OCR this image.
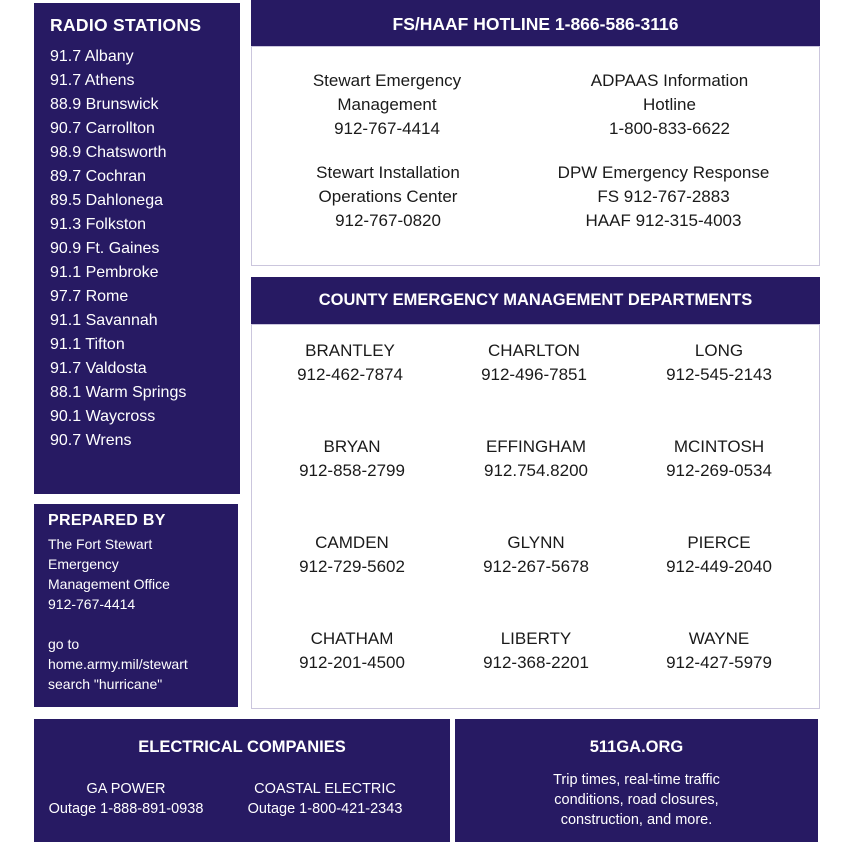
RADIO STATIONS
91.7 Albany
91.7 Athens
88.9 Brunswick
90.7 Carrollton
98.9 Chatsworth
89.7 Cochran
89.5 Dahlonega
91.3 Folkston
90.9 Ft. Gaines
91.1 Pembroke
97.7 Rome
91.1 Savannah
91.1 Tifton
91.7 Valdosta
88.1 Warm Springs
90.1 Waycross
90.7 Wrens
PREPARED BY
The Fort Stewart
Emergency
Management Office
912-767-4414
go to
home.army.mil/stewart
search "hurricane"
FS/HAAF HOTLINE 1-866-586-3116
Stewart Emergency
Management
912-767-4414
ADPAAS Information
Hotline
1-800-833-6622
Stewart Installation
Operations Center
912-767-0820
DPW Emergency Response
FS 912-767-2883
HAAF 912-315-4003
COUNTY EMERGENCY MANAGEMENT DEPARTMENTS
BRANTLEY
912-462-7874
CHARLTON
912-496-7851
LONG
912-545-2143
BRYAN
912-858-2799
EFFINGHAM
912.754.8200
MCINTOSH
912-269-0534
CAMDEN
912-729-5602
GLYNN
912-267-5678
PIERCE
912-449-2040
CHATHAM
912-201-4500
LIBERTY
912-368-2201
WAYNE
912-427-5979
ELECTRICAL COMPANIES
GA POWER
Outage 1-888-891-0938
COASTAL ELECTRIC
Outage 1-800-421-2343
511GA.ORG
Trip times, real-time traffic
conditions, road closures,
construction, and more.
